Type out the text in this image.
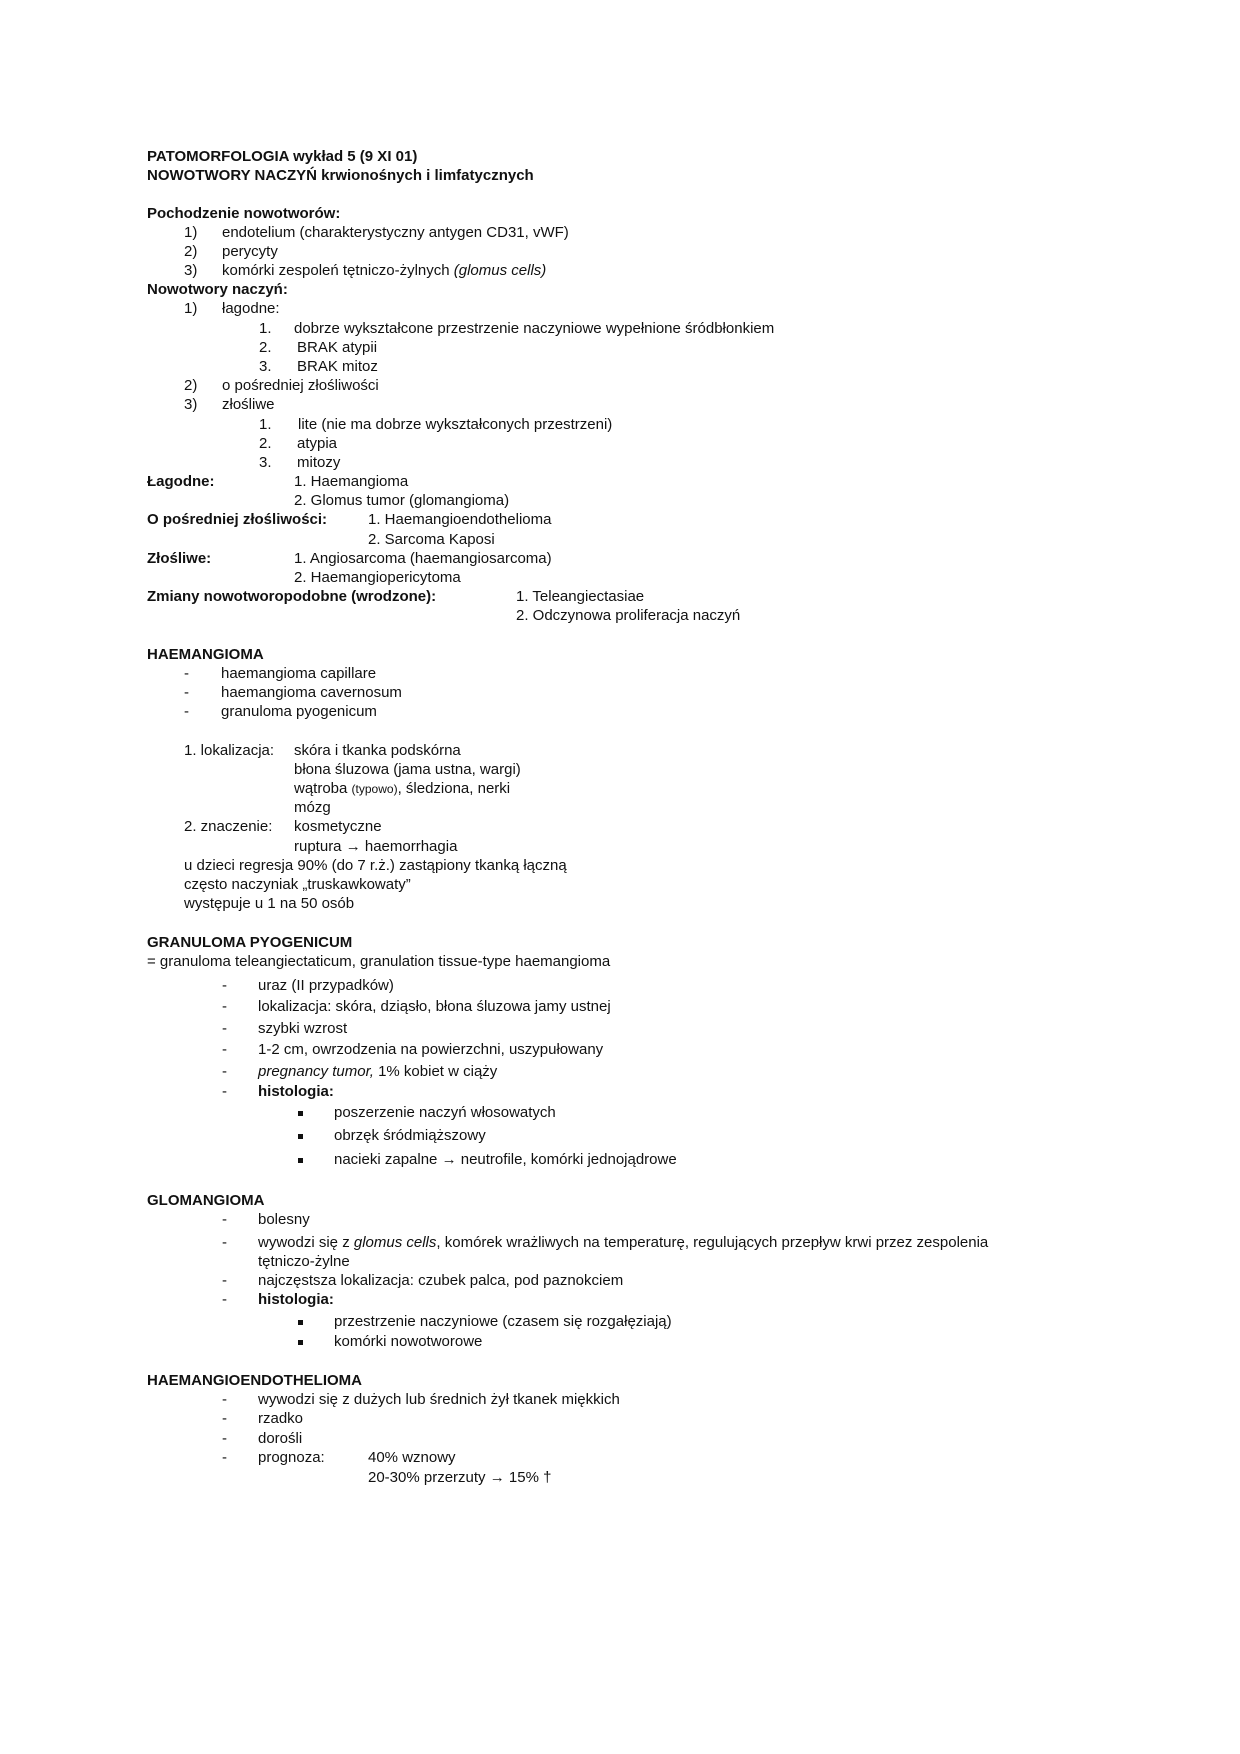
PATOMORFOLOGIA wykład 5 (9 XI 01)
NOWOTWORY NACZYŃ krwionośnych i limfatycznych
Pochodzenie nowotworów:
1) endotelium (charakterystyczny antygen CD31, vWF)
2) perycyty
3) komórki zespoleń tętniczo-żylnych (glomus cells)
Nowotwory naczyń:
1) łagodne:
1. dobrze wykształcone przestrzenie naczyniowe wypełnione śródbłonkiem
2. BRAK atypii
3. BRAK mitoz
2) o pośredniej złośliwości
3) złośliwe
1. lite (nie ma dobrze wykształconych przestrzeni)
2. atypia
3. mitozy
Łagodne:	1. Haemangioma
2. Glomus tumor (glomangioma)
O pośredniej złośliwości:	1. Haemangioendothelioma
2. Sarcoma Kaposi
Złośliwe:	1. Angiosarcoma (haemangiosarcoma)
2. Haemangiopericytoma
Zmiany nowotworopodobne (wrodzone):	1. Teleangiectasiae
2. Odczynowa proliferacja naczyń
HAEMANGIOMA
- haemangioma capillare
- haemangioma cavernosum
- granuloma pyogenicum
1. lokalizacja: skóra i tkanka podskórna
błona śluzowa (jama ustna, wargi)
wątroba (typowo), śledziona, nerki
mózg
2. znaczenie: kosmetyczne
ruptura → haemorrhagia
u dzieci regresja 90% (do 7 r.ż.) zastąpiony tkanką łączną
często naczyniak „truskawkowaty”
występuje u 1 na 50 osób
GRANULOMA PYOGENICUM
= granuloma teleangiectaticum, granulation tissue-type haemangioma
- uraz (II przypadków)
- lokalizacja: skóra, dziąsło, błona śluzowa jamy ustnej
- szybki wzrost
- 1-2 cm, owrzodzenia na powierzchni, uszypułowany
- pregnancy tumor, 1% kobiet w ciąży
- histologia:
poszerzenie naczyń włosowatych
obrzęk śródmiąższowy
nacieki zapalne → neutrofile, komórki jednojądrowe
GLOMANGIOMA
- bolesny
- wywodzi się z glomus cells, komórek wrażliwych na temperaturę, regulujących przepływ krwi przez zespolenia
tętniczo-żylne
- najczęstsza lokalizacja: czubek palca, pod paznokciem
- histologia:
przestrzenie naczyniowe (czasem się rozgałęziają)
komórki nowotworowe
HAEMANGIOENDOTHELIOMA
- wywodzi się z dużych lub średnich żył tkanek miękkich
- rzadko
- dorośli
- prognoza:	40% wznowy
20-30% przerzuty → 15% †
